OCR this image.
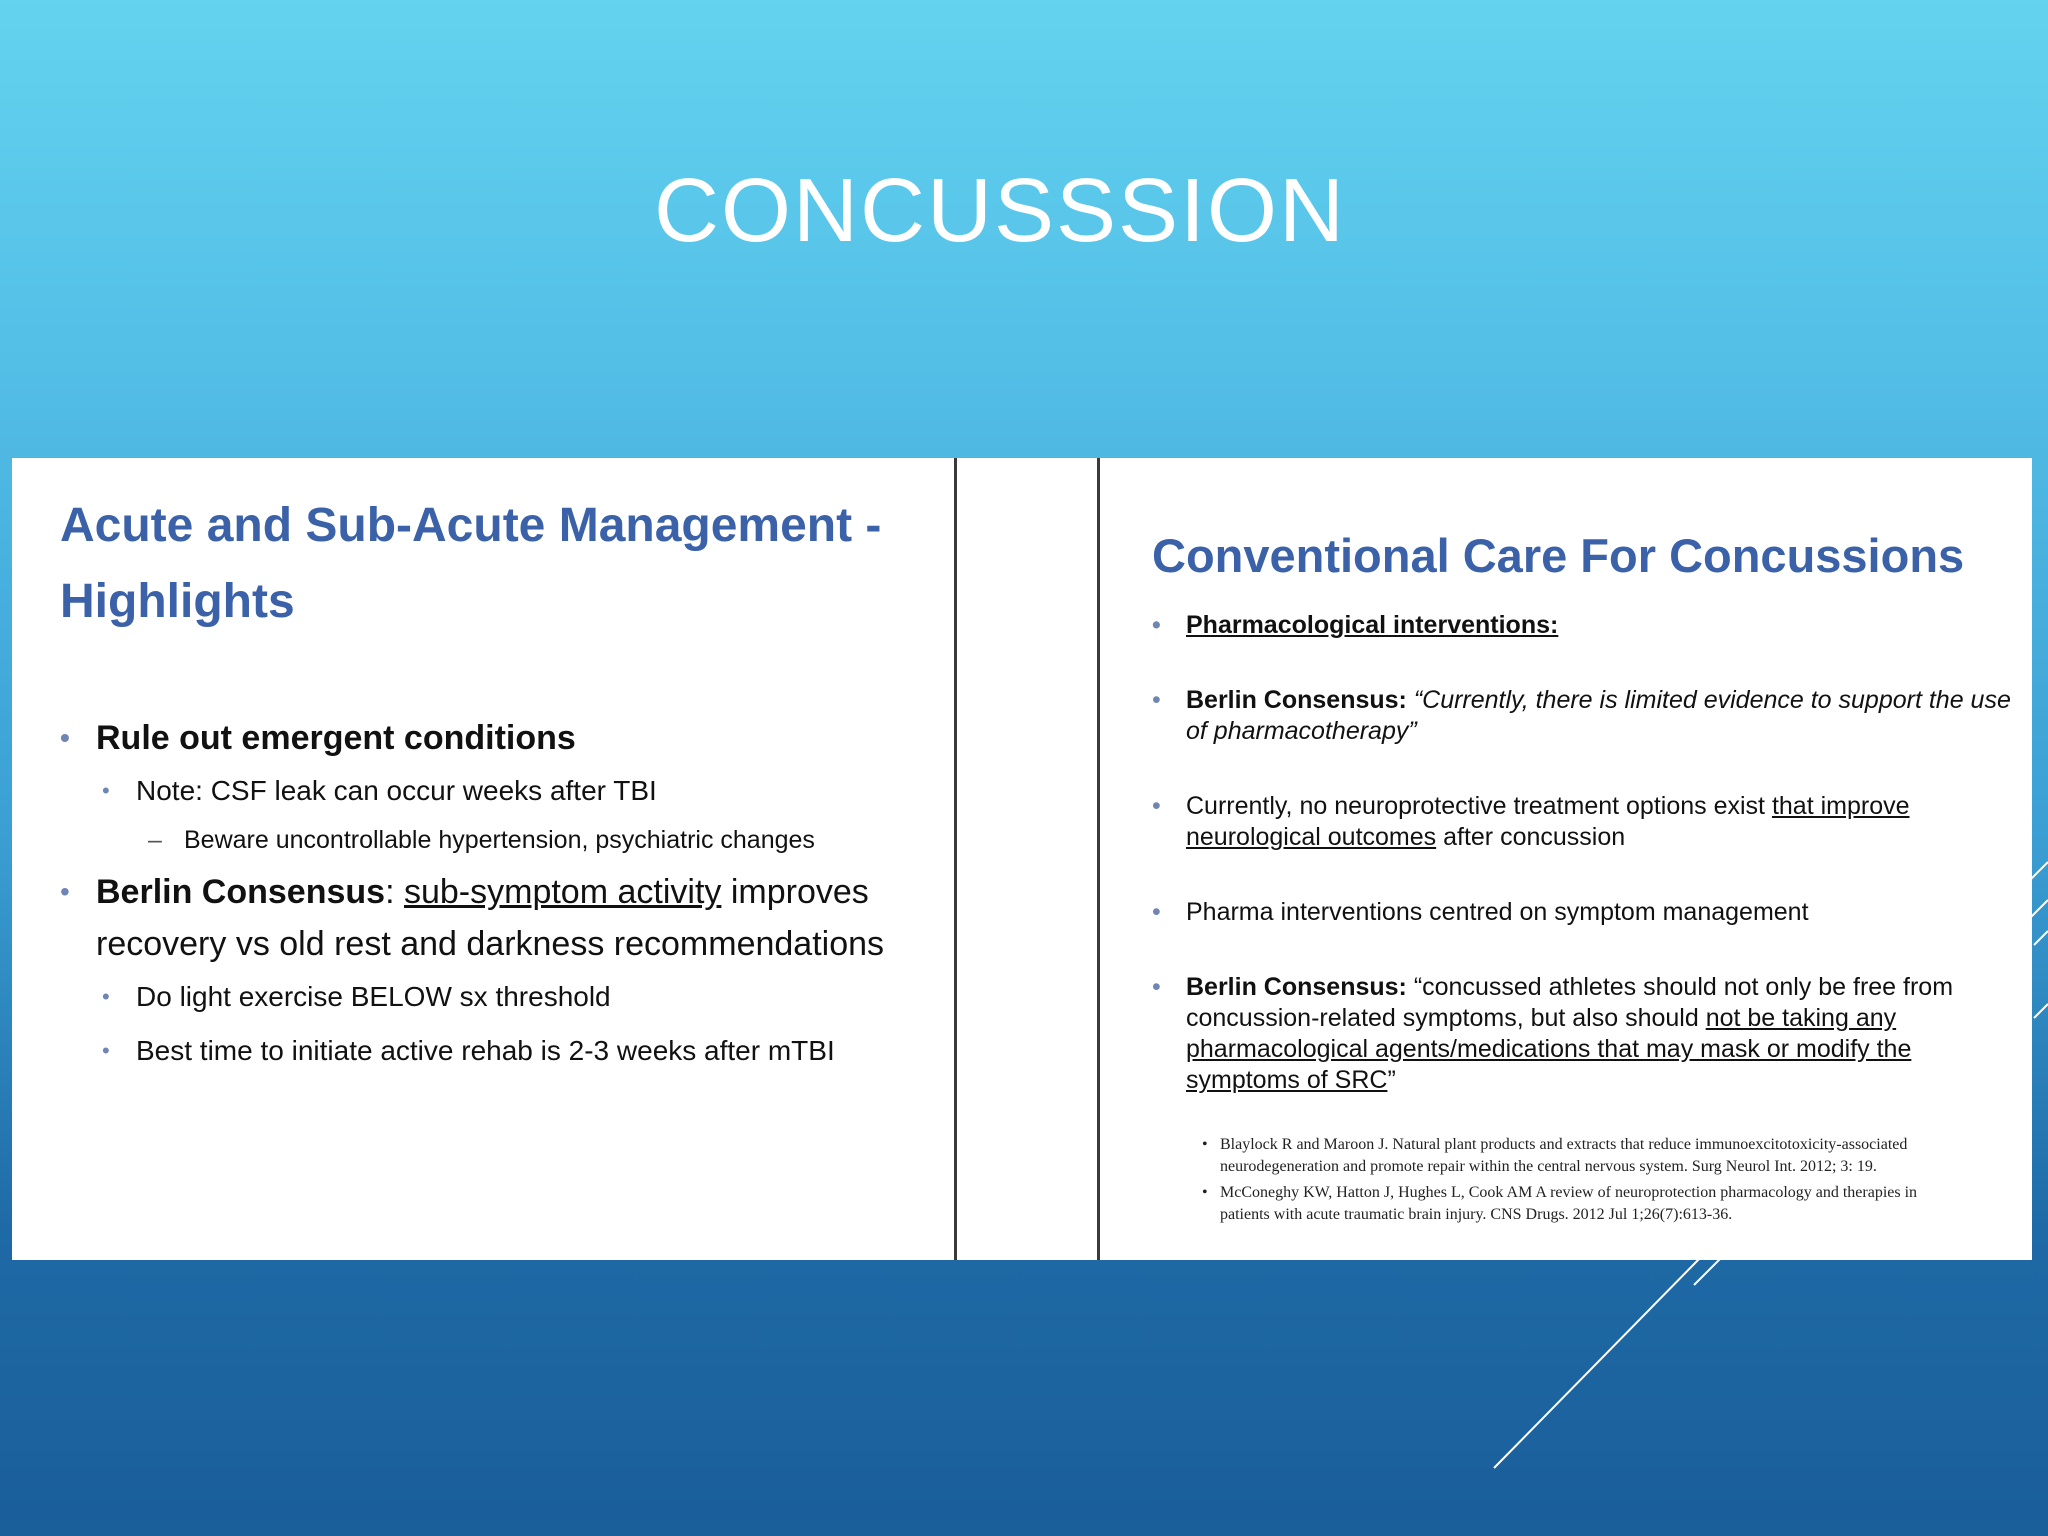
CONCUSSSION
Acute and Sub-Acute Management -
Highlights
• Rule out emergent conditions
• Note: CSF leak can occur weeks after TBI
– Beware uncontrollable hypertension, psychiatric changes
• Berlin Consensus: sub-symptom activity improves recovery vs old rest and darkness recommendations
• Do light exercise BELOW sx threshold
• Best time to initiate active rehab is 2-3 weeks after mTBI
Conventional Care For Concussions
• Pharmacological interventions:
• Berlin Consensus: “Currently, there is limited evidence to support the use of pharmacotherapy”
• Currently, no neuroprotective treatment options exist that improve neurological outcomes after concussion
• Pharma interventions centred on symptom management
• Berlin Consensus: “concussed athletes should not only be free from concussion-related symptoms, but also should not be taking any pharmacological agents/medications that may mask or modify the symptoms of SRC”
• Blaylock R and Maroon J. Natural plant products and extracts that reduce immunoexcitotoxicity-associated neurodegeneration and promote repair within the central nervous system. Surg Neurol Int. 2012; 3: 19.
• McConeghy KW, Hatton J, Hughes L, Cook AM A review of neuroprotection pharmacology and therapies in patients with acute traumatic brain injury. CNS Drugs. 2012 Jul 1;26(7):613-36.
